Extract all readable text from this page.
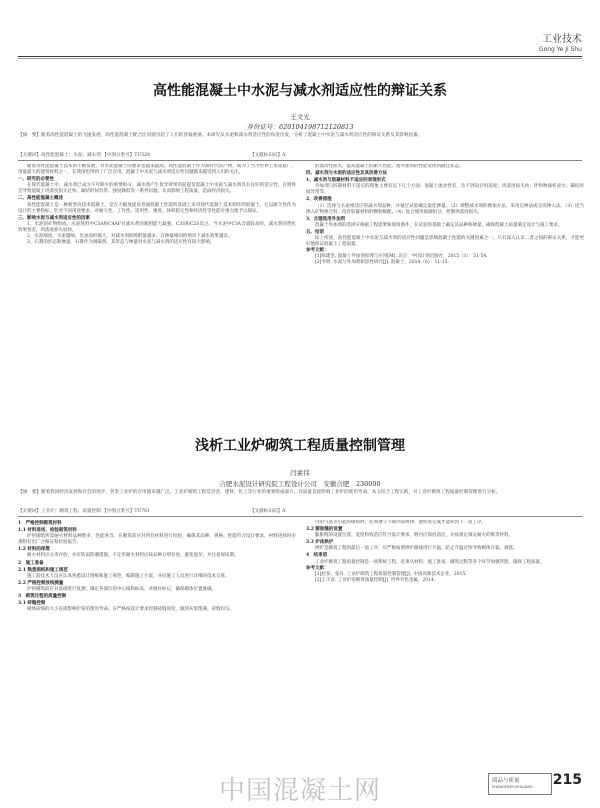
工业技术
Gong Ye Ji Shu
高性能混凝土中水泥与减水剂适应性的辩证关系
王文光
身份证号：620104198712120813
【摘　要】随着高性能混凝土的飞速发展，高性能混凝土配合比问题引起了人们的普遍重视。本研究从水泥和减水剂适应性的角度出发，分析了混凝土中水泥与减水剂适应性的辩证关系及其影响因素。
【关键词】高性能混凝土；水泥；减水剂 【中图分类号】TU528	【文献标识码】A

随着高性能混凝土技术的不断发展，对水泥混凝土的要求也越来越高。高性能混凝土作为新时代的产物，成为了当今世界上用途最广、用量最大的建筑材料之一，在我国也得到了广泛应用。混凝土中水泥与减水剂适应性问题越来越受到人们的关注。

一、研究的必要性

在现代混凝土中，减水剂已成为不可缺少的重要组分。减水剂产生优异效果的前提是混凝土中水泥与减水剂具有良好的适应性，否则将会导致混凝土坍落度损失过快、凝结时间异常、强度降低等一系列问题。从而影响工程质量，造成经济损失。

二、高性能混凝土概述

高性能混凝土是一种新型高技术混凝土，是在大幅度提高普通混凝土性能的基础上采用现代混凝土技术制作的混凝土。它以耐久性作为设计的主要指标，针对不同用途要求，对耐久性、工作性、适用性、强度、体积稳定性和经济性等性能有重点地予以保证。

三、影响水泥与减水剂适应性的因素

1、水泥的矿物组成。水泥熟料中C3A和C4AF对减水剂的吸附能力最强，C3S和C2S次之。当水泥中C3A含量较高时，减水剂的塑化效果变差，坍落度损失较快。

2、水泥细度。水泥越细，比表面积越大，对减水剂的吸附量越多，在掺量相同的情况下减水效果越差。

3、石膏的形态和掺量。石膏作为调凝剂，其形态与掺量对水泥与减水剂的适应性有较大影响。

的流动性损失，提高混凝土的耐久性能。使外加剂的性能发挥到最佳状态。

四、减水剂与水泥的适应性及其改善方法

1、减水剂与胶凝材料不适应的表现形式

外加剂与胶凝材料不适应的现象主要有以下几个方面：混凝土流动性差，达不到设计坍落度；坍落度损失快；拌和物离析泌水；凝结时间异常等。

2、改善措施

（1）选择与水泥相适应的减水剂品种，并通过试验确定最佳掺量。（2）调整减水剂的掺加方法，采用后掺法或分次掺入法。（3）适当掺入矿物掺合料，改善胶凝材料的颗粒级配。（4）复合使用缓凝组分，控制坍落度损失。

3、合理选用外加剂

混凝土外加剂的选择应根据工程需要和现场条件，在试验的基础上确定其品种和掺量，确保混凝土质量满足设计与施工要求。

五、结语

综上所述，高性能混凝土中水泥与减水剂的适应性问题是影响混凝土性能的关键因素之一。只有深入认识二者之间的辩证关系，才能更好地保证混凝土工程质量。

参考文献：

[1]陈建奎. 混凝土外加剂原理与应用[M]. 北京：中国计划出版社，2015（1）：51-54.

[2]李明. 水泥与外加剂相容性研究[J]. 混凝土，2014（6）：11-15.

浅析工业炉砌筑工程质量控制管理
闫素伟
合肥水泥设计研究院工程设计公司　安徽合肥　230000
【摘　要】随着我国经济发展和社会的进步，各类工业炉的应用越来越广泛。工业炉砌筑工程是冶金、建材、化工等行业的重要组成部分，其质量直接影响工业炉的使用寿命。本文结合工程实践，对工业炉砌筑工程质量控制管理进行分析。
【关键词】工业炉；砌筑工程；质量控制 【中图分类号】TU761	【文献标识码】A

1　严格控制砌筑材料

1.1 材料进场，检验砌筑材料

炉窑砌筑所需耐火材料品种繁多，性能各异。在砌筑前应对所有材料进行检验，确保其品种、规格、性能符合设计要求。材料进场时必须附有出厂合格证和检验报告。

1.2 材料的保管

耐火材料应分类存放，并有防雨防潮措施。不定形耐火材料应按品种分别存放，避免混杂，并注意保质期。

2　施工准备

2.1 熟悉图纸和施工规范

施工前技术人员应认真熟悉设计图纸和施工规范，编制施工方案，并向施工人员进行详细的技术交底。

2.2 严格控制放线测量

炉窑砌筑前应对基础进行复测，确定各部位的中心线和标高，并做好标记，确保砌体位置准确。

3　砌筑过程的质量控制

3.1 砖缝控制

砌体砖缝的大小直接影响炉窑的使用寿命。应严格按设计要求控制砖缝厚度，做到灰浆饱满、砖缝均匀。

内的气氛等引起的破损时，必须遵守下降冷却规律，使检查完成才能转到下一道工序。

3.2 膨胀缝的设置

膨胀缝的设置位置、宽度和构造应符合设计要求，缝内应保持清洁，并按规定填充耐火纤维等材料。

3.3 炉体烘炉

烘炉是砌筑工程的最后一道工序，应严格按照烘炉曲线进行升温，防止升温过快导致砌体开裂、剥落。

4　结束语

工业炉砌筑工程质量控制是一项系统工程，必须从材料、施工准备、砌筑过程等各个环节加强管理，确保工程质量。

参考文献：

[1]赵泰，张丹. 工业炉砌筑工程质量控制管理[J]. 中国高新技术企业，2015.

[2]王丰省. 工业炉窑砌筑质量控制[J]. 世界有色金属，2014.

中国混凝土网	商品与质量
SHANGPINYUZHILIANG	215
